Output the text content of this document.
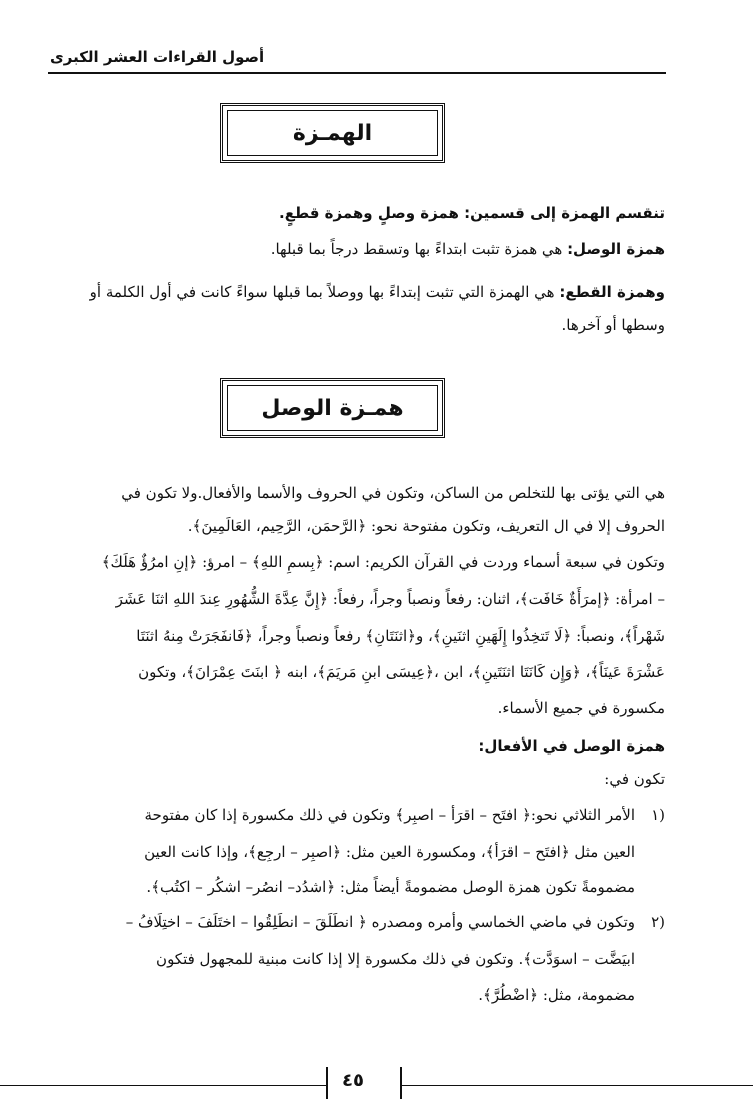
أصول القراءات العشر الكبرى
الهمـزة
تنقسم الهمزة إلى قسمين: همزة وصلٍ وهمزة قطعٍ.
همزة الوصل: هي همزة تثبت ابتداءً بها وتسقط درجاً بما قبلها.
وهمزة القطع: هي الهمزة التي تثبت إبتداءً بها ووصلاً بما قبلها سواءً كانت في أول الكلمة أو
وسطها أو آخرها.
همـزة الوصل
هي التي يؤتى بها للتخلص من الساكن، وتكون في الحروف والأسما والأفعال.ولا تكون في
الحروف إلا في ال التعريف، وتكون مفتوحة نحو: ﴿الرَّحمَن، الرَّحِيم، العَالَمِينَ﴾.
وتكون في سبعة أسماء وردت في القرآن الكريم: اسم: ﴿بِسمِ اللهِ﴾ – امرؤ: ﴿إنِ امرُؤٌ هَلَكَ﴾
– امرأة: ﴿إمرَأَةٌ خَافَت﴾، اثنان: رفعاً ونصباً وجراً، رفعاً: ﴿إِنَّ عِدَّةَ الشُّهُورِ عِندَ اللهِ اثنَا عَشَرَ
شَهْراً﴾، ونصباً: ﴿لَا تَتخِذُوا إِلَهَينِ اثنَينِ﴾، و﴿اثنَتَانِ﴾ رفعاً ونصباً وجراً، ﴿فَانفَجَرَتْ مِنهُ اثنَتَا
عَشْرَةَ عَينَاً﴾، ﴿وَإِن كَانَتَا اثنَتَينِ﴾، ابن ،﴿عِيسَى ابنِ مَريَمَ﴾، ابنه ﴿ ابنَتَ عِمْرَانَ﴾، وتكون
مكسورة في جميع الأسماء.
همزة الوصل في الأفعال:
تكون في:
١)
الأمر الثلاثي نحو:﴿ افتَح – اقرَأ – اصبِر﴾ وتكون في ذلك مكسورة إذا كان مفتوحة
العين مثل ﴿افتَح – اقرَأ﴾، ومكسورة العين مثل: ﴿اصبِر – ارجِع﴾، وإذا كانت العين
مضمومةً تكون همزة الوصل مضمومةً أيضاً مثل: ﴿اشدُد– انصُر– اشكُر – اكتُب﴾.
٢)
وتكون في ماضي الخماسي وأمره ومصدره ﴿ انطَلَقَ – انطَلِقُوا – اختَلَفَ – اختِلَافُ –
ابيَضَّت – اسوَدَّت﴾. وتكون في ذلك مكسورة إلا إذا كانت مبنية للمجهول فتكون
مضمومة، مثل: ﴿اضْطُرَّ﴾.
٤٥
